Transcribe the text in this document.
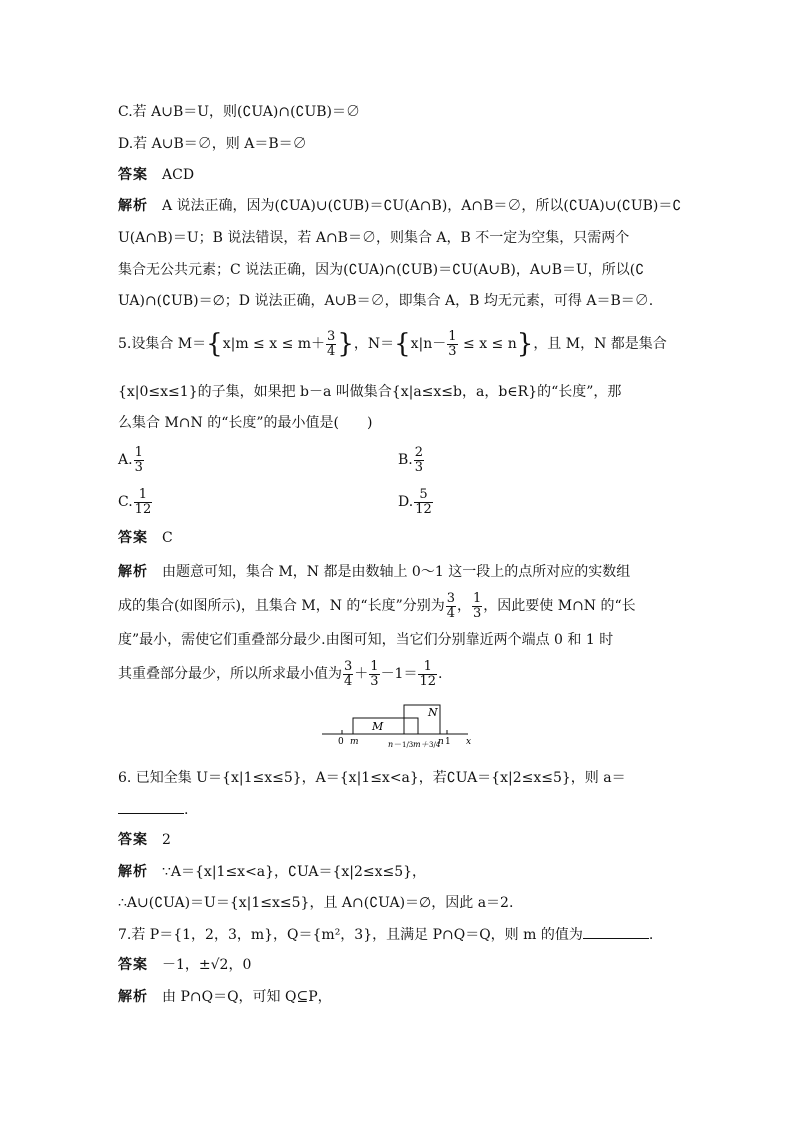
C.若 A∪B＝U，则(∁UA)∩(∁UB)＝∅
D.若 A∪B＝∅，则 A＝B＝∅
答案 ACD
解析 A 说法正确，因为(∁UA)∪(∁UB)＝∁U(A∩B)，A∩B＝∅，所以(∁UA)∪(∁UB)＝∁
U(A∩B)＝U；B 说法错误，若 A∩B＝∅，则集合 A，B 不一定为空集，只需两个
集合无公共元素；C 说法正确，因为(∁UA)∩(∁UB)＝∁U(A∪B)，A∪B＝U，所以(∁
UA)∩(∁UB)＝∅；D 说法正确，A∪B＝∅，即集合 A，B 均无元素，可得 A＝B＝∅.
5.设集合 $M=\{x|m \le x \le m+ \frac{3}{4}$ }，$N=\{x|n- \frac{1}{3} \le x \le n\}$，且 M，N 都是集合
{x|0≤x≤1}的子集，如果把 b－a 叫做集合{x|a≤x≤b，a，b∈R}的“长度”，那
么集合 M∩N 的“长度”的最小值是(　　)
A. $\frac{1}{3}$	B. $\frac{2}{3}$
C. $\frac{1}{12}$	D. $\frac{5}{12}$
答案 C
解析 由题意可知，集合 M，N 都是由数轴上 0～1 这一段上的点所对应的实数组
成的集合(如图所示)，且集合 M，N 的“长度”分别为 $\frac{3}{4}$ ， $\frac{1}{3}$ ，因此要使 M∩N 的“长
度”最小，需使它们重叠部分最少.由图可知，当它们分别靠近两个端点 0 和 1 时
其重叠部分最少，所以所求最小值为 $\frac{3}{4} + \frac{1}{3} -1= \frac{1}{12}$ .
M
N
0 m	n－ 1/3 m＋ 3/4
n 1 x
6. 已知全集 U＝{x|1≤x≤5}，A＝{x|1≤x<a}，若∁UA＝{x|2≤x≤5}，则 a＝
.
答案 2
解析 ∵A＝{x|1≤x<a}，∁UA＝{x|2≤x≤5}，
∴A∪(∁UA)＝U＝{x|1≤x≤5}，且 A∩(∁UA)＝∅，因此 a＝2.
7.若 P＝{1，2，3，m}，Q＝{m²，3}，且满足 P∩Q＝Q，则 m 的值为	.
答案 －1，±√2，0
解析 由 P∩Q＝Q，可知 Q⊆P，
